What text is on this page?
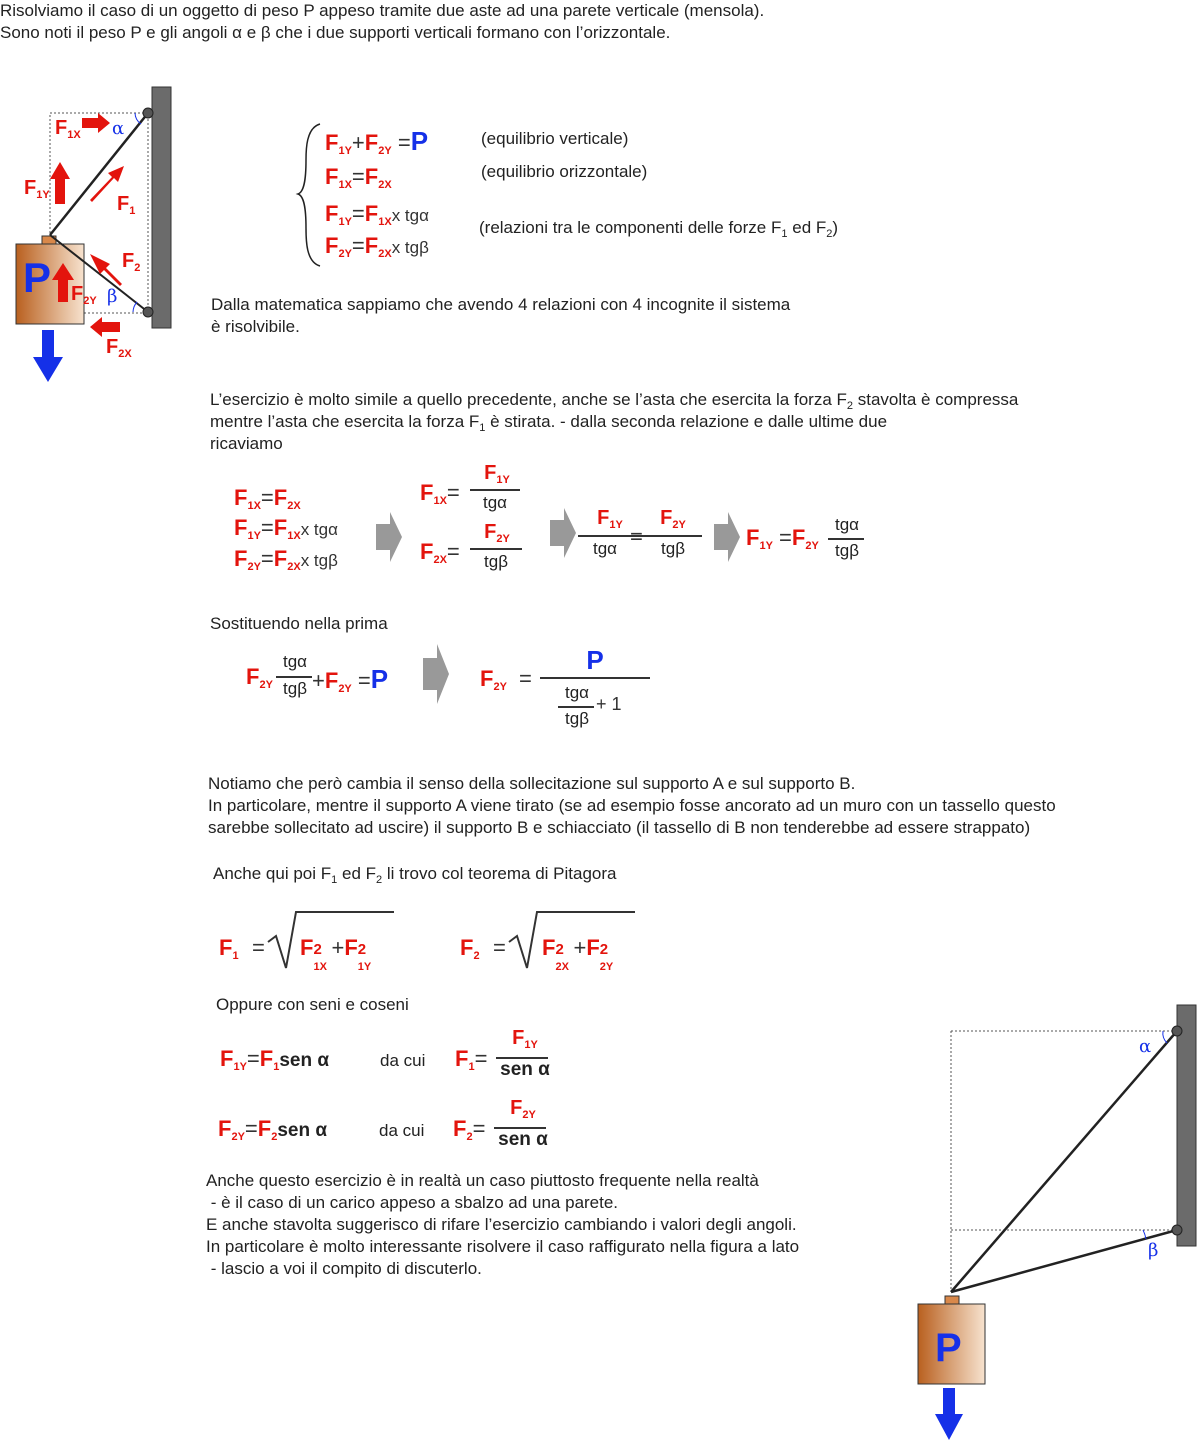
Risolviamo il caso di un oggetto di peso P appeso tramite due aste ad una parete verticale (mensola).
Sono noti il peso P e gli angoli α e β che i due supporti verticali formano con l’orizzontale.
P
α
β
$F_{1X}$
$F_{1Y}$	$F_1$
$F_2$
$F_{2Y}$
$F_{2X}$
$F_{1Y}+F_{2Y} =P$	(equilibrio verticale)
$F_{1X}=F_{2X}$
(equilibrio orizzontale)
$F_{1Y}=F_{1X}x$ tgα
$F_{2Y}=F_{2X}x$ tgβ
(relazioni tra le componenti delle forze $F_1$ ed $F_2$)
Dalla matematica sappiamo che avendo 4 relazioni con 4 incognite il sistema
è risolvibile.
L’esercizio è molto simile a quello precedente, anche se l’asta che esercita la forza $F_2$ stavolta è compressa
mentre l’asta che esercita la forza $F_1$ è stirata. - dalla seconda relazione e dalle ultime due
ricaviamo
$F_{1X}=F_{2X}$
$F_{1Y}=F_{1X}x$ tgα
$F_{2Y}=F_{2X}x$ tgβ
$F_{1X}=$
$F_{1Y}$
tgα
$F_{2X}=$
$F_{2Y}$
tgβ
$F_{1Y}$
tgα =
$F_{2Y}$
tgβ	$F_{1Y} =F_{2Y}$
tgα
tgβ
Sostituendo nella prima
$F_{2Y}$
tgα
$tg\beta +F_{2Y} =P$	$F_{2Y}$ =
P
tgα
tgβ
+ 1
Notiamo che però cambia il senso della sollecitazione sul supporto A e sul supporto B.
In particolare, mentre il supporto A viene tirato (se ad esempio fosse ancorato ad un muro con un tassello questo
sarebbe sollecitato ad uscire) il supporto B e schiacciato (il tassello di B non tenderebbe ad essere strappato)
Anche qui poi $F_1$ ed $F_2$ li trovo col teorema di Pitagora
$F_1 = F$ 2
1X
+F 2
1Y
$F_2 = F$ 2
2X
+F 2
2Y
Oppure con seni e coseni
$F_{1Y}=F_1sen$ α	da cui $F_1=$
$F_{1Y}$
sen α
$F_{2Y}=F_2sen$ α	da cui $F_2=$
$F_{2Y}$
sen α
Anche questo esercizio è in realtà un caso piuttosto frequente nella realtà
- è il caso di un carico appeso a sbalzo ad una parete.
E anche stavolta suggerisco di rifare l’esercizio cambiando i valori degli angoli.
In particolare è molto interessante risolvere il caso raffigurato nella figura a lato
- lascio a voi il compito di discuterlo.
P
α
β
